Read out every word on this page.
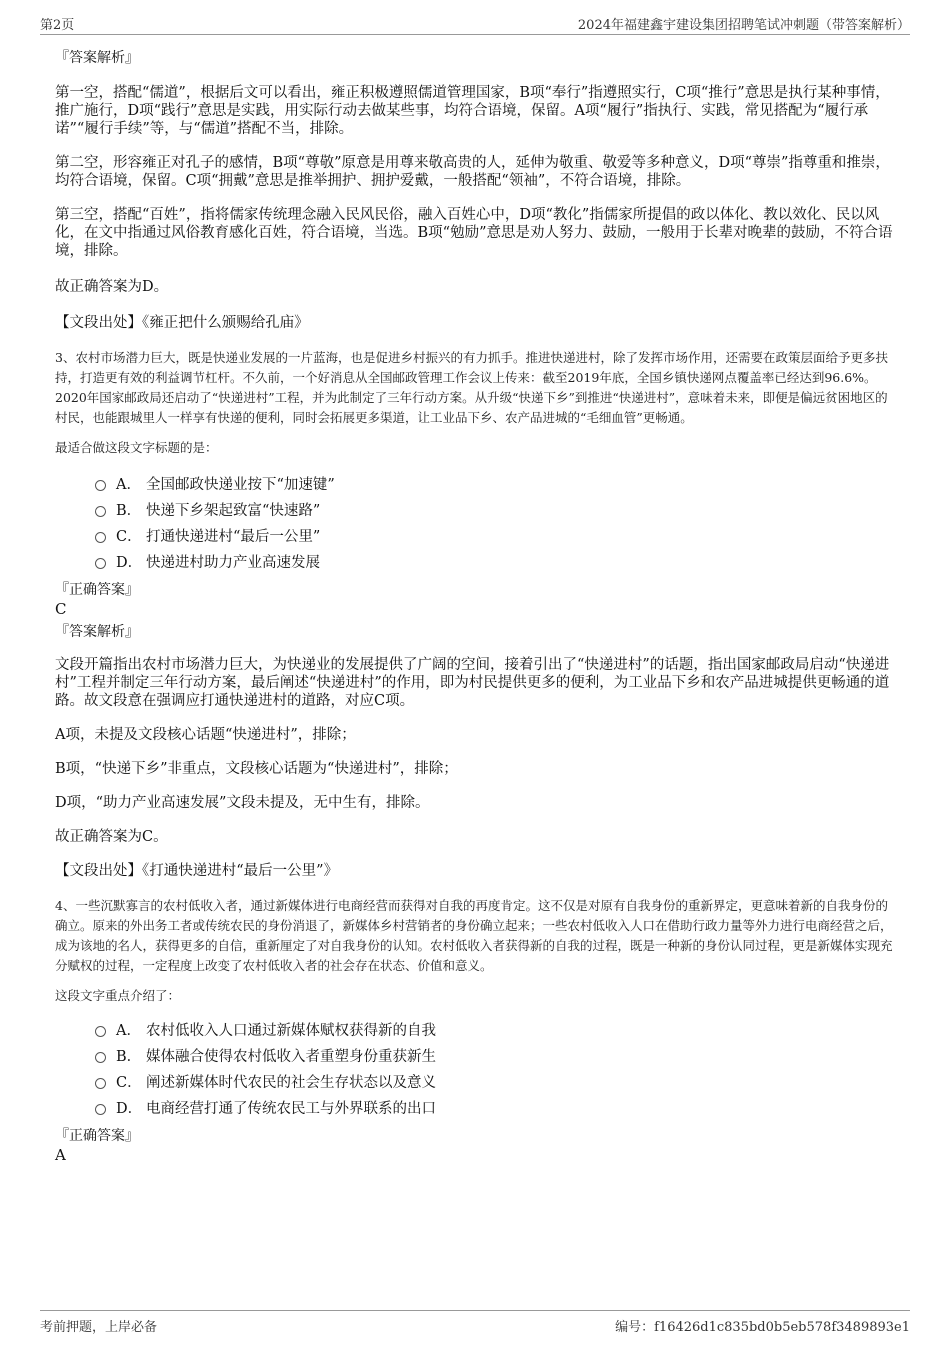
第2页	2024年福建鑫宇建设集团招聘笔试冲刺题（带答案解析）

『答案解析』

第一空，搭配“儒道”，根据后文可以看出，雍正积极遵照儒道管理国家，B项“奉行”指遵照实行，C项“推行”意思是执行某种事情，推广施行，D项“践行”意思是实践，用实际行动去做某些事，均符合语境，保留。A项“履行”指执行、实践，常见搭配为“履行承诺”“履行手续”等，与“儒道”搭配不当，排除。

第二空，形容雍正对孔子的感情，B项“尊敬”原意是用尊来敬高贵的人，延伸为敬重、敬爱等多种意义，D项“尊崇”指尊重和推崇，均符合语境，保留。C项“拥戴”意思是推举拥护、拥护爱戴，一般搭配“领袖”，不符合语境，排除。

第三空，搭配“百姓”，指将儒家传统理念融入民风民俗，融入百姓心中，D项“教化”指儒家所提倡的政以体化、教以效化、民以风化，在文中指通过风俗教育感化百姓，符合语境，当选。B项“勉励”意思是劝人努力、鼓励，一般用于长辈对晚辈的鼓励，不符合语境，排除。

故正确答案为D。

【文段出处】《雍正把什么颁赐给孔庙》

3、农村市场潜力巨大，既是快递业发展的一片蓝海，也是促进乡村振兴的有力抓手。推进快递进村，除了发挥市场作用，还需要在政策层面给予更多扶持，打造更有效的利益调节杠杆。不久前，一个好消息从全国邮政管理工作会议上传来：截至2019年底，全国乡镇快递网点覆盖率已经达到96.6%。2020年国家邮政局还启动了“快递进村”工程，并为此制定了三年行动方案。从升级“快递下乡”到推进“快递进村”，意味着未来，即便是偏远贫困地区的村民，也能跟城里人一样享有快递的便利，同时会拓展更多渠道，让工业品下乡、农产品进城的“毛细血管”更畅通。

最适合做这段文字标题的是：

A． 全国邮政快递业按下“加速键”
B． 快递下乡架起致富“快速路”
C． 打通快递进村“最后一公里”
D． 快递进村助力产业高速发展

『正确答案』

C

『答案解析』

文段开篇指出农村市场潜力巨大，为快递业的发展提供了广阔的空间，接着引出了“快递进村”的话题，指出国家邮政局启动“快递进村”工程并制定三年行动方案，最后阐述“快递进村”的作用，即为村民提供更多的便利，为工业品下乡和农产品进城提供更畅通的道路。故文段意在强调应打通快递进村的道路，对应C项。

A项，未提及文段核心话题“快递进村”，排除；

B项，“快递下乡”非重点，文段核心话题为“快递进村”，排除；

D项，“助力产业高速发展”文段未提及，无中生有，排除。

故正确答案为C。

【文段出处】《打通快递进村“最后一公里”》

4、一些沉默寡言的农村低收入者，通过新媒体进行电商经营而获得对自我的再度肯定。这不仅是对原有自我身份的重新界定，更意味着新的自我身份的确立。原来的外出务工者或传统农民的身份消退了，新媒体乡村营销者的身份确立起来；一些农村低收入人口在借助行政力量等外力进行电商经营之后，成为该地的名人，获得更多的自信，重新厘定了对自我身份的认知。农村低收入者获得新的自我的过程，既是一种新的身份认同过程，更是新媒体实现充分赋权的过程，一定程度上改变了农村低收入者的社会存在状态、价值和意义。

这段文字重点介绍了：

A． 农村低收入人口通过新媒体赋权获得新的自我
B． 媒体融合使得农村低收入者重塑身份重获新生
C． 阐述新媒体时代农民的社会生存状态以及意义
D． 电商经营打通了传统农民工与外界联系的出口

『正确答案』

A

考前押题，上岸必备	编号：f16426d1c835bd0b5eb578f3489893e1
